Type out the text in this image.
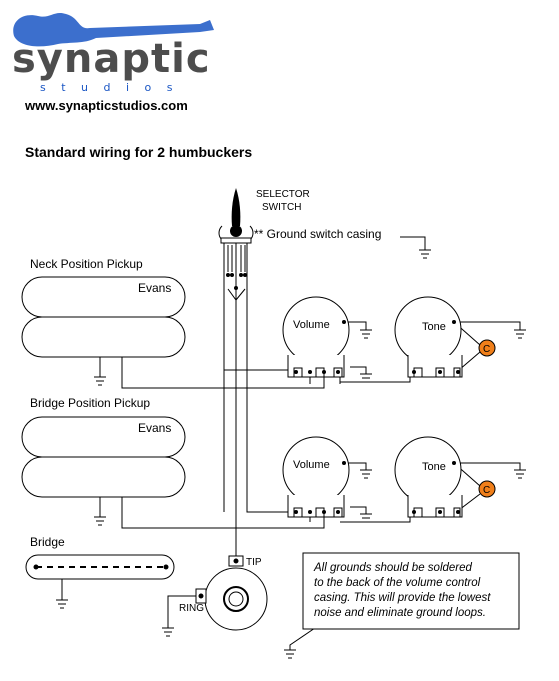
synaptic
s t u d i o s
www.synapticstudios.com
Standard wiring for 2 humbuckers
Neck Position Pickup
Bridge Position Pickup
Bridge
Evans
Evans
SELECTOR
SWITCH
** Ground switch casing
Volume	Tone
Volume	Tone
C
C
TIP
RING
All grounds should be soldered
to the back of the volume control
casing. This will provide the lowest
noise and eliminate ground loops.
